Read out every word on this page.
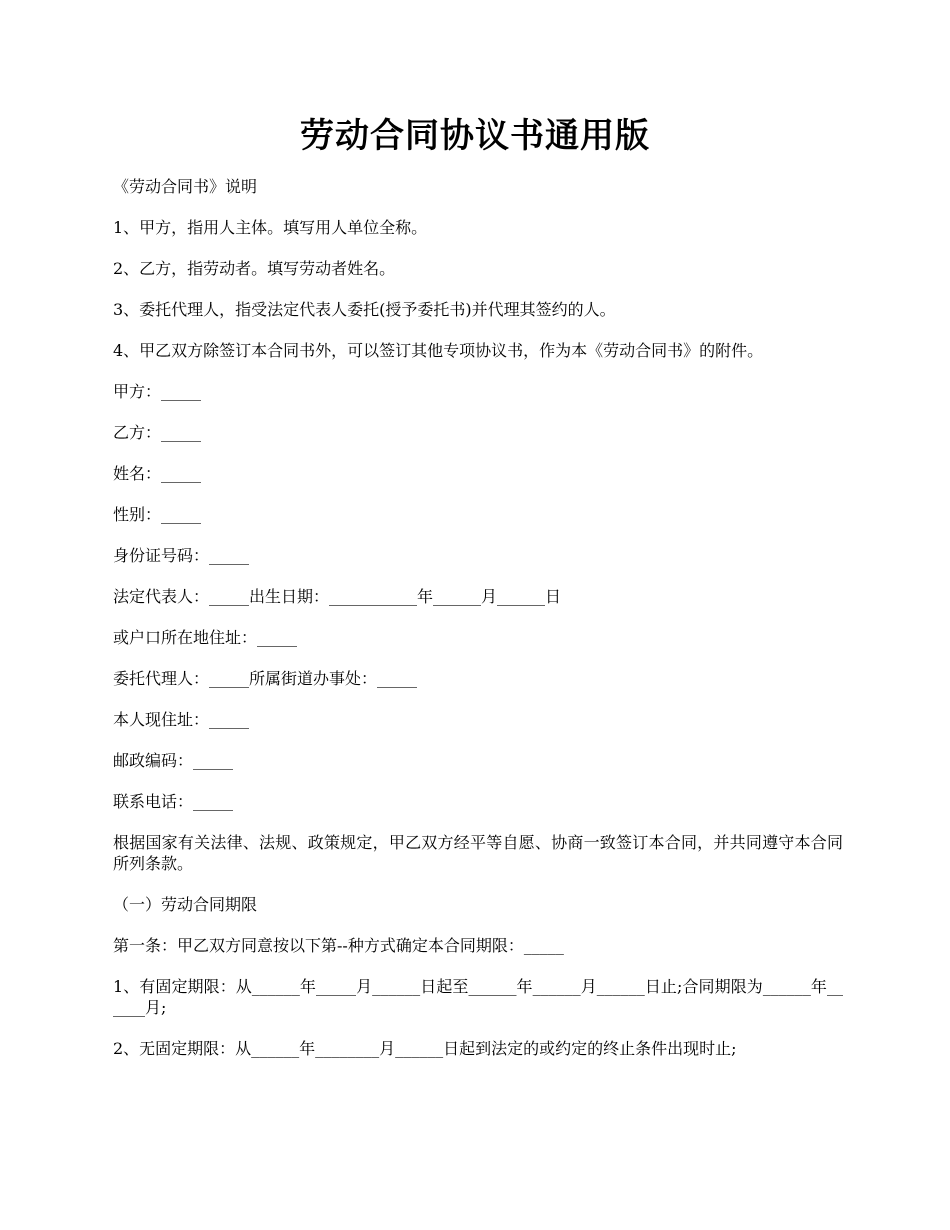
劳动合同协议书通用版

《劳动合同书》说明

1、甲方，指用人主体。填写用人单位全称。

2、乙方，指劳动者。填写劳动者姓名。

3、委托代理人，指受法定代表人委托(授予委托书)并代理其签约的人。

4、甲乙双方除签订本合同书外，可以签订其他专项协议书，作为本《劳动合同书》的附件。

甲方：_____

乙方：_____

姓名：_____

性别：_____

身份证号码：_____

法定代表人：_____出生日期：___________年______月______日

或户口所在地住址：_____

委托代理人：_____所属街道办事处：_____

本人现住址：_____

邮政编码：_____

联系电话：_____

根据国家有关法律、法规、政策规定，甲乙双方经平等自愿、协商一致签订本合同，并共同遵守本合同所列条款。

（一）劳动合同期限

第一条：甲乙双方同意按以下第--种方式确定本合同期限：_____

1、有固定期限：从______年_____月______日起至______年______月______日止;合同期限为______年______月;

2、无固定期限：从______年________月______日起到法定的或约定的终止条件出现时止;
